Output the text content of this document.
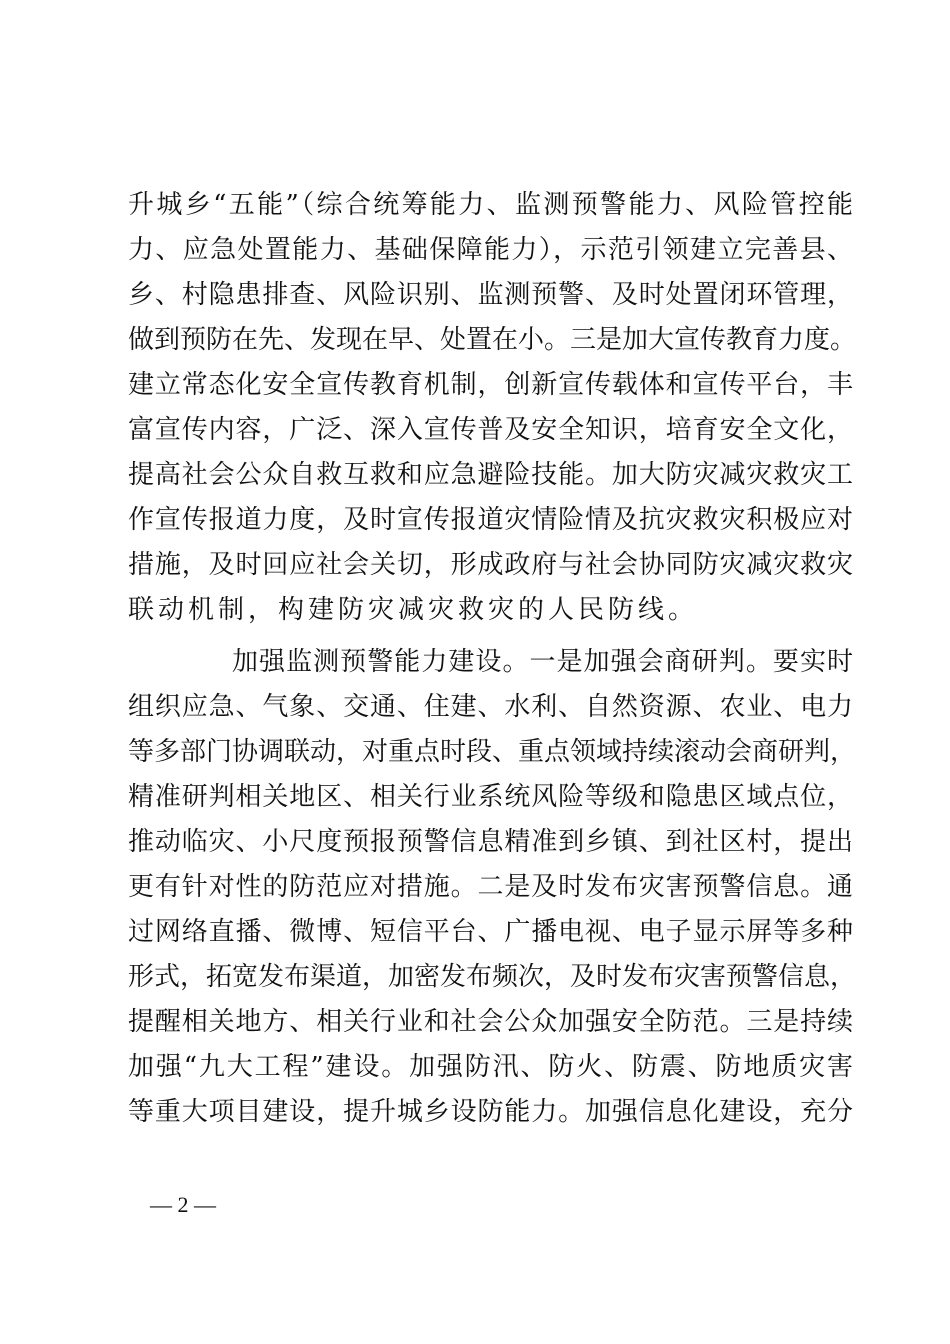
升城乡“五能”（综合统筹能力、监测预警能力、风险管控能
力、应急处置能力、基础保障能力），示范引领建立完善县、
乡、村隐患排查、风险识别、监测预警、及时处置闭环管理，
做到预防在先、发现在早、处置在小。三是加大宣传教育力度。
建立常态化安全宣传教育机制，创新宣传载体和宣传平台，丰
富宣传内容，广泛、深入宣传普及安全知识，培育安全文化，
提高社会公众自救互救和应急避险技能。加大防灾减灾救灾工
作宣传报道力度，及时宣传报道灾情险情及抗灾救灾积极应对
措施，及时回应社会关切，形成政府与社会协同防灾减灾救灾
联动机制，构建防灾减灾救灾的人民防线。
加强监测预警能力建设。一是加强会商研判。要实时
组织应急、气象、交通、住建、水利、自然资源、农业、电力
等多部门协调联动，对重点时段、重点领域持续滚动会商研判，
精准研判相关地区、相关行业系统风险等级和隐患区域点位，
推动临灾、小尺度预报预警信息精准到乡镇、到社区村，提出
更有针对性的防范应对措施。二是及时发布灾害预警信息。通
过网络直播、微博、短信平台、广播电视、电子显示屏等多种
形式，拓宽发布渠道，加密发布频次，及时发布灾害预警信息，
提醒相关地方、相关行业和社会公众加强安全防范。三是持续
加强“九大工程”建设。加强防汛、防火、防震、防地质灾害
等重大项目建设，提升城乡设防能力。加强信息化建设，充分
— 2 —
